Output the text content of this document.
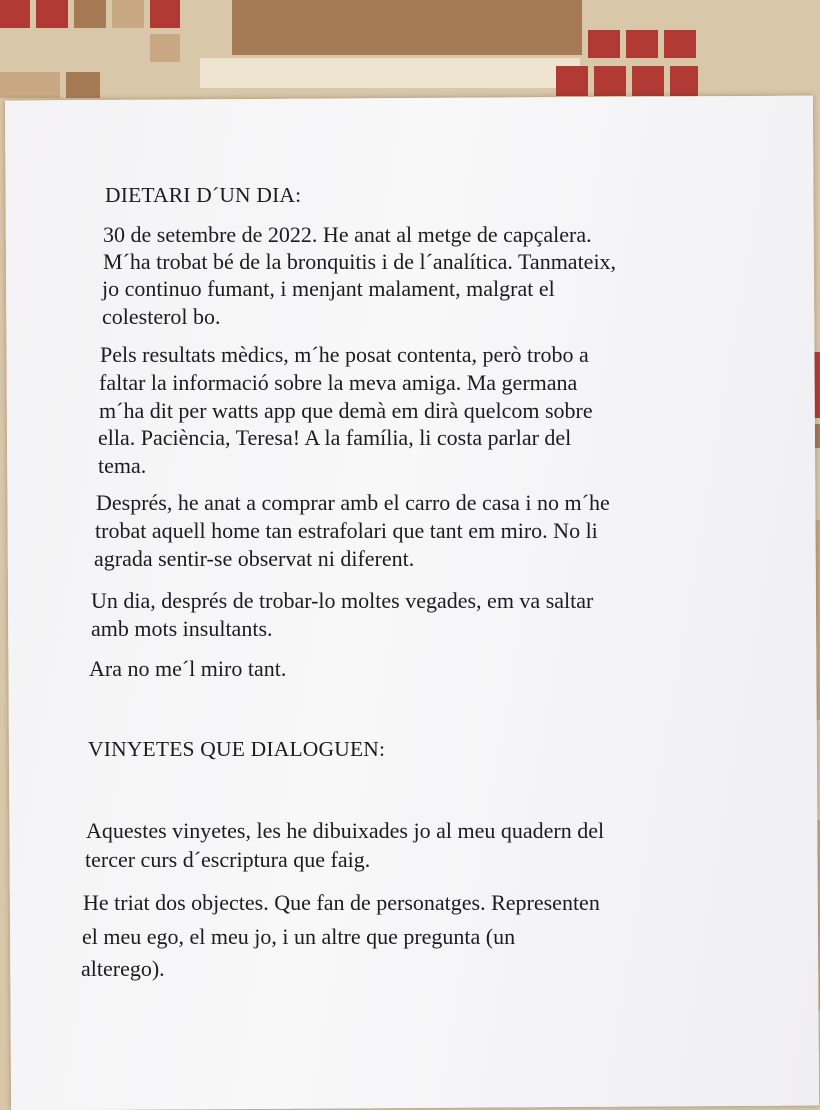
DIETARI D´UN DIA:
30 de setembre de 2022. He anat al metge de capçalera.
M´ha trobat bé de la bronquitis i de l´analítica. Tanmateix,
jo continuo fumant, i menjant malament, malgrat el
colesterol bo.
Pels resultats mèdics, m´he posat contenta, però trobo a
faltar la informació sobre la meva amiga. Ma germana
m´ha dit per watts app que demà em dirà quelcom sobre
ella. Paciència, Teresa! A la família, li costa parlar del
tema.
Després, he anat a comprar amb el carro de casa i no m´he
trobat aquell home tan estrafolari que tant em miro. No li
agrada sentir-se observat ni diferent.
Un dia, després de trobar-lo moltes vegades, em va saltar
amb mots insultants.
Ara no me´l miro tant.
VINYETES QUE DIALOGUEN:
Aquestes vinyetes, les he dibuixades jo al meu quadern del
tercer curs d´escriptura que faig.
He triat dos objectes. Que fan de personatges. Representen
el meu ego, el meu jo, i un altre que pregunta (un
alterego).
